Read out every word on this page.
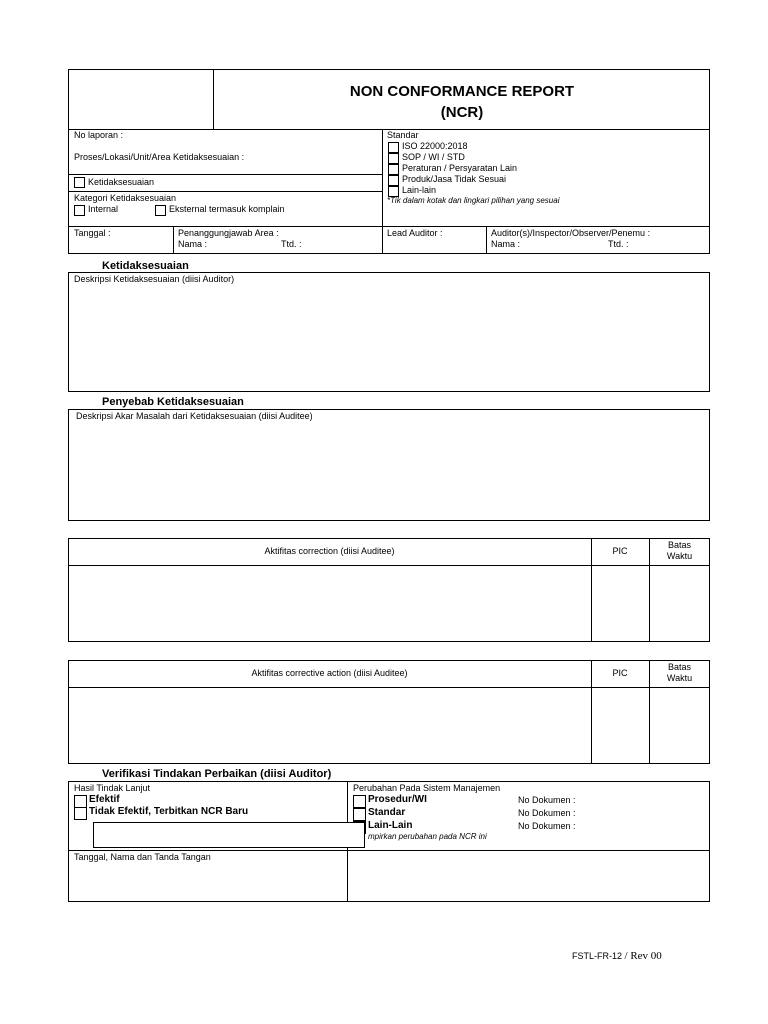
NON CONFORMANCE REPORT
(NCR)
No laporan :
Proses/Lokasi/Unit/Area Ketidaksesuaian :
Ketidaksesuaian
Kategori Ketidaksesuaian
Internal	Eksternal termasuk komplain
Standar
ISO 22000:2018
SOP / WI / STD
Peraturan / Persyaratan Lain
Produk/Jasa Tidak Sesuai
Lain-lain
*Tik dalam kotak dan lingkari pilihan yang sesuai
Tanggal :	Penanggungjawab Area :
Nama :	Ttd. :
Lead Auditor :	Auditor(s)/Inspector/Observer/Penemu :
Nama :	Ttd. :
Ketidaksesuaian
Deskripsi Ketidaksesuaian (diisi Auditor)
Penyebab Ketidaksesuaian
Deskripsi Akar Masalah dari Ketidaksesuaian (diisi Auditee)
Aktifitas correction (diisi Auditee)	PIC
Batas
Waktu
Aktifitas corrective action (diisi Auditee)	PIC
Batas
Waktu
Verifikasi Tindakan Perbaikan (diisi Auditor)
Hasil Tindak Lanjut
Efektif
Tidak Efektif, Terbitkan NCR Baru
Perubahan Pada Sistem Manajemen
Prosedur/WI	No Dokumen :
Standar	No Dokumen :
Lain-Lain	No Dokumen :
mpirkan perubahan pada NCR ini
Tanggal, Nama dan Tanda Tangan
FSTL-FR-12 / Rev 00
